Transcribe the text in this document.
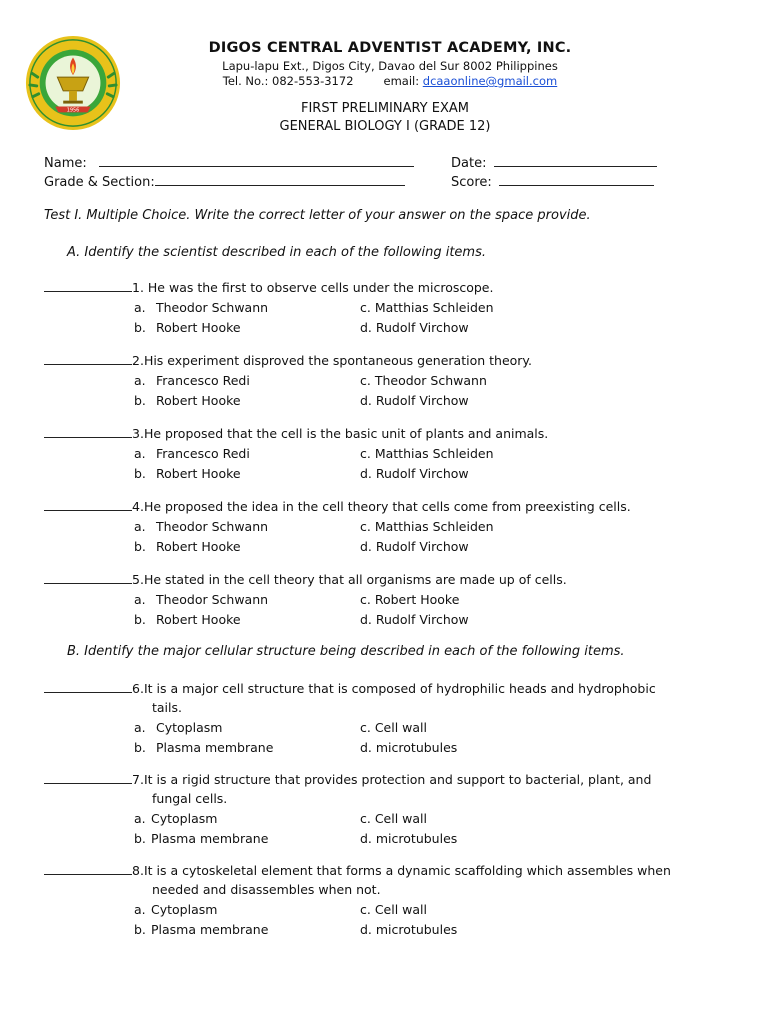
1956
DIGOS CENTRAL ADVENTIST ACADEMY, INC.
Lapu-lapu Ext., Digos City, Davao del Sur 8002 Philippines
Tel. No.: 082-553-3172	email: dcaaonline@gmail.com
FIRST PRELIMINARY EXAM
GENERAL BIOLOGY I (GRADE 12)
Name:
Grade & Section:
Date:
Score:
Test I. Multiple Choice. Write the correct letter of your answer on the space provide.
A. Identify the scientist described in each of the following items.
B. Identify the major cellular structure being described in each of the following items.
1. He was the first to observe cells under the microscope.
a. Theodor Schwann	c. Matthias Schleiden
b. Robert Hooke	d. Rudolf Virchow
2.His experiment disproved the spontaneous generation theory.
a. Francesco Redi	c. Theodor Schwann
b. Robert Hooke	d. Rudolf Virchow
3.He proposed that the cell is the basic unit of plants and animals.
a. Francesco Redi	c. Matthias Schleiden
b. Robert Hooke	d. Rudolf Virchow
4.He proposed the idea in the cell theory that cells come from preexisting cells.
a. Theodor Schwann	c. Matthias Schleiden
b. Robert Hooke	d. Rudolf Virchow
5.He stated in the cell theory that all organisms are made up of cells.
a. Theodor Schwann	c. Robert Hooke
b. Robert Hooke	d. Rudolf Virchow
6.It is a major cell structure that is composed of hydrophilic heads and hydrophobic
tails.
a. Cytoplasm	c. Cell wall
b. Plasma membrane	d. microtubules
7.It is a rigid structure that provides protection and support to bacterial, plant, and
fungal cells.
a. Cytoplasm	c. Cell wall
b. Plasma membrane	d. microtubules
8.It is a cytoskeletal element that forms a dynamic scaffolding which assembles when
needed and disassembles when not.
a. Cytoplasm	c. Cell wall
b. Plasma membrane	d. microtubules
